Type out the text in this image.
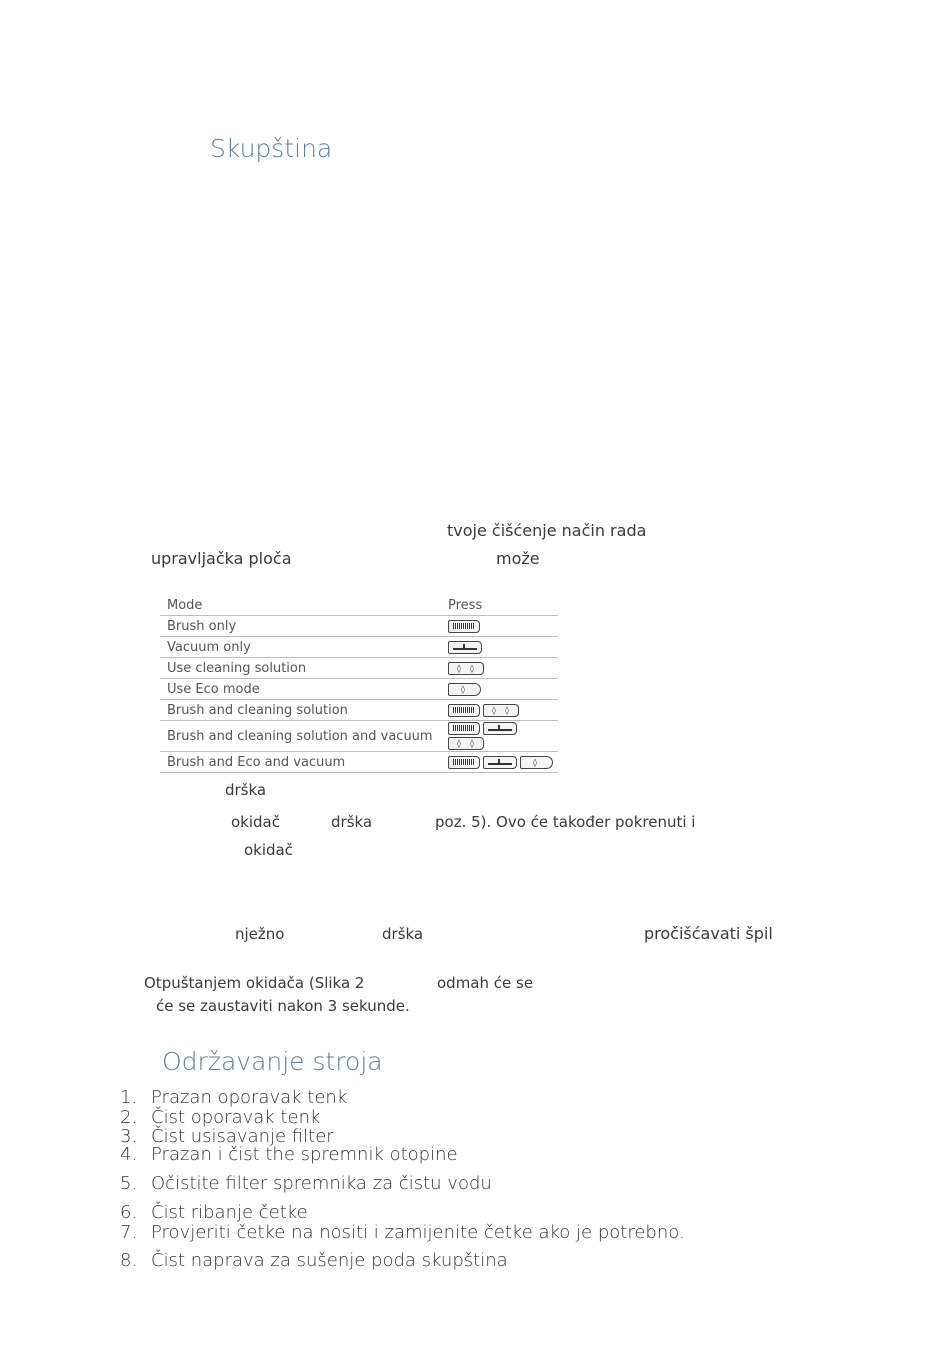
Skupština
tvoje čišćenje način rada
upravljačka ploča	može
Mode	Press
Brush only	
Vacuum only	
Use cleaning solution	◊ ◊

Use Eco mode	◊

Brush and cleaning solution	◊ ◊

Brush and cleaning solution and vacuum	◊ ◊

Brush and Eco and vacuum	◊
drška
okidač	drška	poz. 5). Ovo će također pokrenuti i
okidač
nježno	drška	pročišćavati špil
Otpuštanjem okidača (Slika 2	odmah će se
će se zaustaviti nakon 3 sekunde.
Održavanje stroja
1. Prazan oporavak tenk
2. Čist oporavak tenk
3. Čist usisavanje filter
4. Prazan i čist the spremnik otopine
5. Očistite filter spremnika za čistu vodu
6. Čist ribanje četke
7. Provjeriti četke na nositi i zamijenite četke ako je potrebno.
8. Čist naprava za sušenje poda skupština
